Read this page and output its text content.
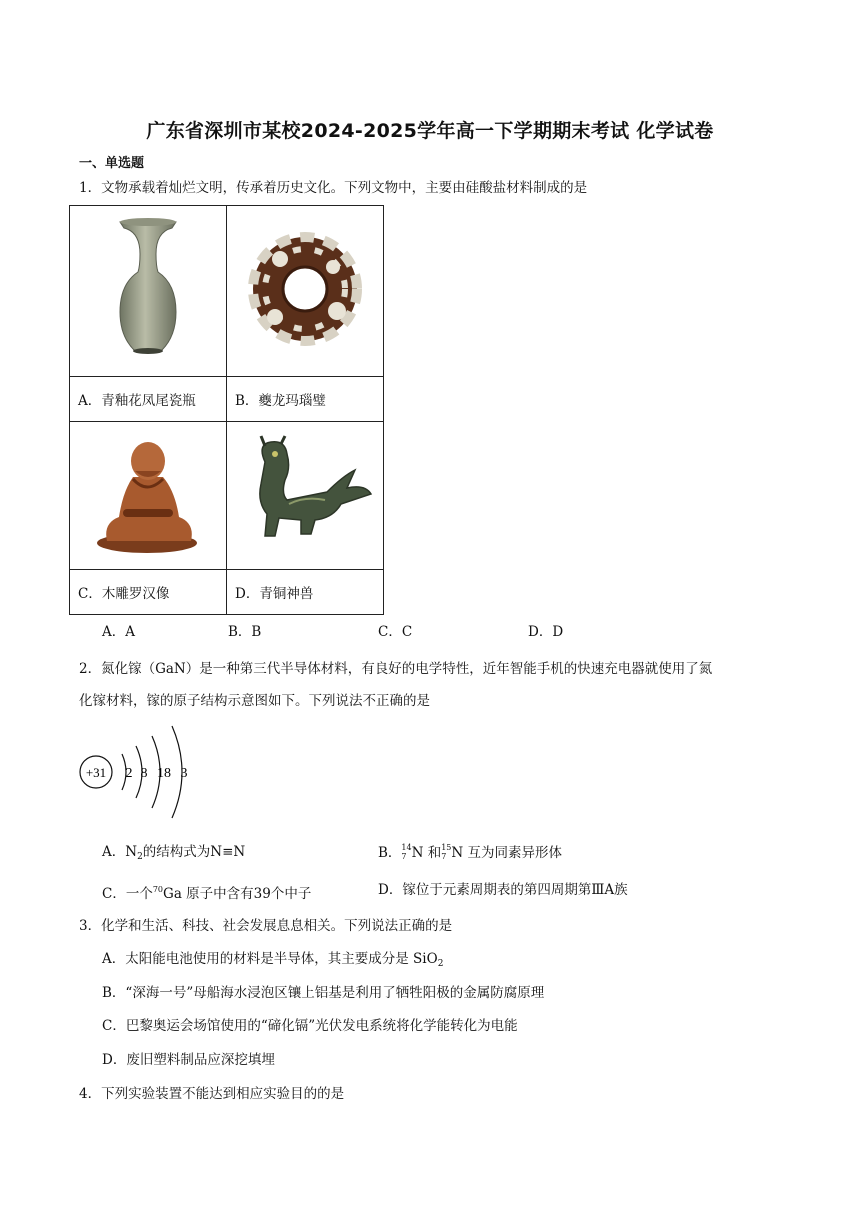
广东省深圳市某校2024-2025学年高一下学期期末考试 化学试卷
一、单选题
1．文物承载着灿烂文明，传承着历史文化。下列文物中，主要由硅酸盐材料制成的是

A．青釉花凤尾瓷瓶	B．夔龙玛瑙璧

C．木雕罗汉像	D．青铜神兽
A．A	B．B	C．C	D．D
2．氮化镓（GaN）是一种第三代半导体材料，有良好的电学特性，近年智能手机的快速充电器就使用了氮
化镓材料，镓的原子结构示意图如下。下列说法不正确的是
+31 2 8 18 3
A．$N_2$的结构式为N≡N	B．14
7 N 和15
7 N 互为同素异形体
C．一个$^{70}$Ga 原子中含有39个中子	D．镓位于元素周期表的第四周期第ⅢA族
3．化学和生活、科技、社会发展息息相关。下列说法正确的是
A．太阳能电池使用的材料是半导体，其主要成分是 SiO$_2$
B．“深海一号”母船海水浸泡区镶上铝基是利用了牺牲阳极的金属防腐原理
C．巴黎奥运会场馆使用的“碲化镉”光伏发电系统将化学能转化为电能
D．废旧塑料制品应深挖填埋
4．下列实验装置不能达到相应实验目的的是
